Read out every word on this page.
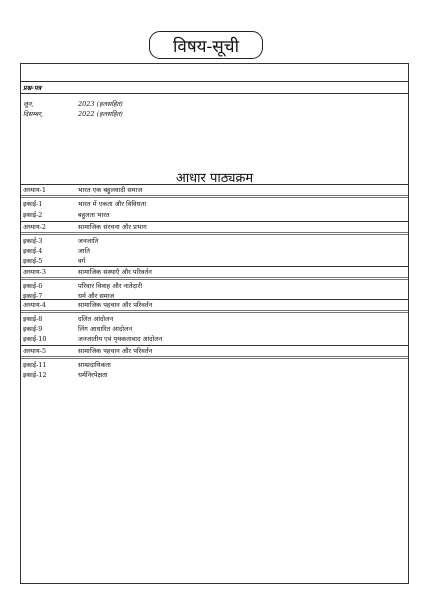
विषय-सूची
प्रश्न-पत्र
जून,	2023 (हलसहित)
दिसम्बर,	2022 (हलसहित)
आधार पाठ्यक्रम
अध्याय-1	भारत एक बहुलवादी समाज
इकाई-1	भारत में एकता और विविधता
इकाई-2	बहुलता भारत
अध्याय-2	सामाजिक संरचना और प्रभाग
इकाई-3	जनजाति
इकाई-4	जाति
इकाई-5	वर्ग
अध्याय-3	सामाजिक संस्थाएँ और परिवर्तन
इकाई-6	परिवार विवाह और नातेदारी
इकाई-7	धर्म और समाज
अध्याय-4	सामाजिक पहचान और परिवर्तन
इकाई-8	दलित आंदोलन
इकाई-9	लिंग आधारित आंदोलन
इकाई-10	जनजातीय एवं पृथकतावाद आंदोलन
अध्याय-5	सामाजिक पहचान और परिवर्तन
इकाई-11	साम्प्रदायिकता
इकाई-12	धर्मनिरपेक्षता
